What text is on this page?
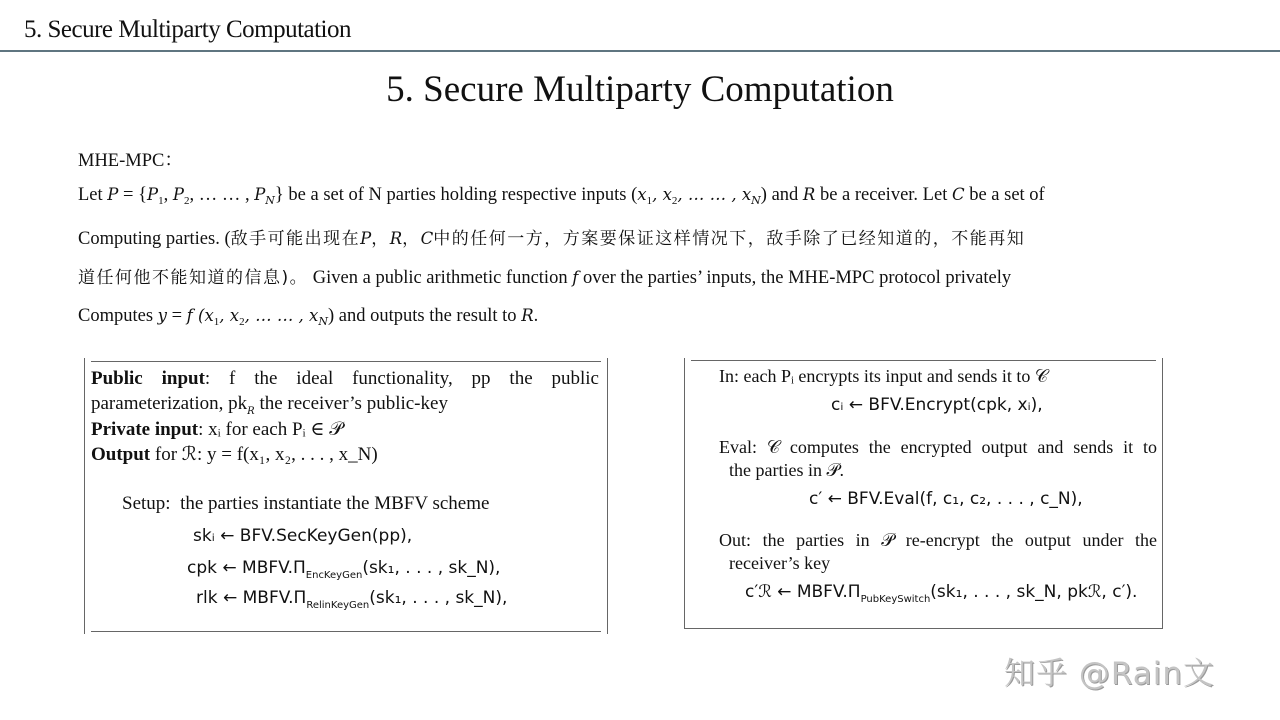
5. Secure Multiparty Computation
5. Secure Multiparty Computation
MHE-MPC：
Let $P = \{P_1$, $P_2$, … … , $P_N$} be a set of N parties holding respective inputs ($x_1$, $x_2$, … … , $x_N$) and R be a receiver. Let C be a set of
Computing parties. (敌手可能出现在P，R，C中的任何一方，方案要保证这样情况下，敌手除了已经知道的，不能再知
道任何他不能知道的信息)。 Given a public arithmetic function f over the parties’ inputs, the MHE-MPC protocol privately
Computes y = f ($x_1$, $x_2$, … … , $x_N$) and outputs the result to R.
Public input: f the ideal functionality, pp the public
parameterization, $pk_R$ the receiver’s public-key
Private input: xᵢ for each Pᵢ ∈ 𝒫
Output for ℛ: y = f(x₁, x₂, . . . , x_N)
Setup: the parties instantiate the MBFV scheme
skᵢ ← BFV.SecKeyGen(pp),
cpk ← $MBFV.\Pi_{EncKeyGen}(sk_1$, . . . , sk_N),
rlk ← $MBFV.\Pi_{RelinKeyGen}(sk_1$, . . . , sk_N),
In: each Pᵢ encrypts its input and sends it to 𝒞
cᵢ ← BFV.Encrypt(cpk, xᵢ),
Eval: 𝒞 computes the encrypted output and sends it to
the parties in 𝒫.
c′ ← BFV.Eval(f, c₁, c₂, . . . , c_N),
Out: the parties in 𝒫 re-encrypt the output under the
receiver’s key
c′ℛ ← $MBFV.\Pi_{PubKeySwitch}(sk_1$, . . . , sk_N, pkℛ, c′).
知乎 @Rain文
